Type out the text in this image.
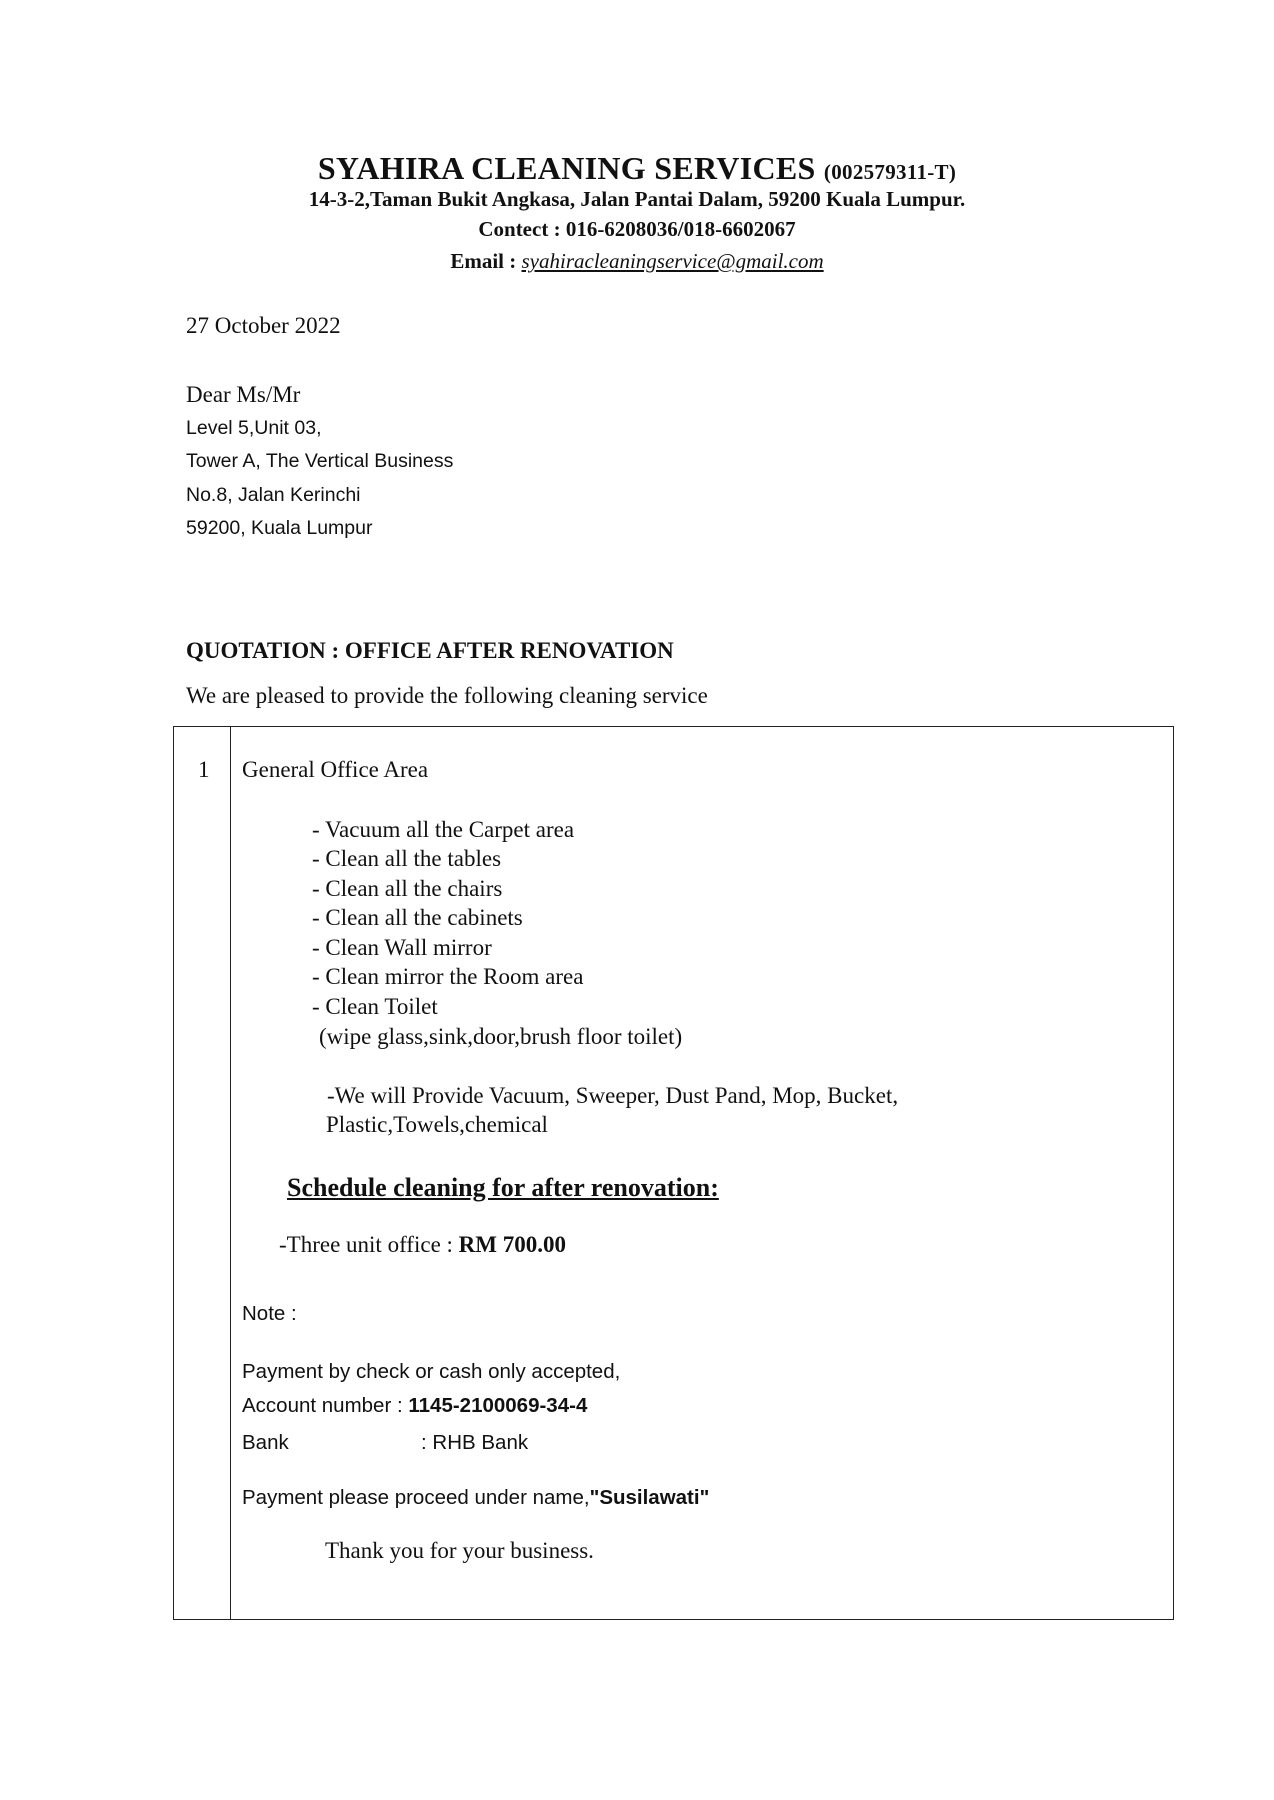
SYAHIRA CLEANING SERVICES (002579311-T)
14-3-2,Taman Bukit Angkasa, Jalan Pantai Dalam, 59200 Kuala Lumpur.
Contect : 016-6208036/018-6602067
Email : syahiracleaningservice@gmail.com
27 October 2022
Dear Ms/Mr
Level 5,Unit 03,
Tower A, The Vertical Business
No.8, Jalan Kerinchi
59200, Kuala Lumpur
QUOTATION : OFFICE AFTER RENOVATION
We are pleased to provide the following cleaning service
1 General Office Area
- Vacuum all the Carpet area
- Clean all the tables
- Clean all the chairs
- Clean all the cabinets
- Clean Wall mirror
- Clean mirror the Room area
- Clean Toilet
(wipe glass,sink,door,brush floor toilet)
-We will Provide Vacuum, Sweeper, Dust Pand, Mop, Bucket,
Plastic,Towels,chemical
Schedule cleaning for after renovation:
-Three unit office : RM 700.00
Note :
Payment by check or cash only accepted,
Account number : 1145-2100069-34-4
Bank	: RHB Bank
Payment please proceed under name,"Susilawati"
Thank you for your business.
